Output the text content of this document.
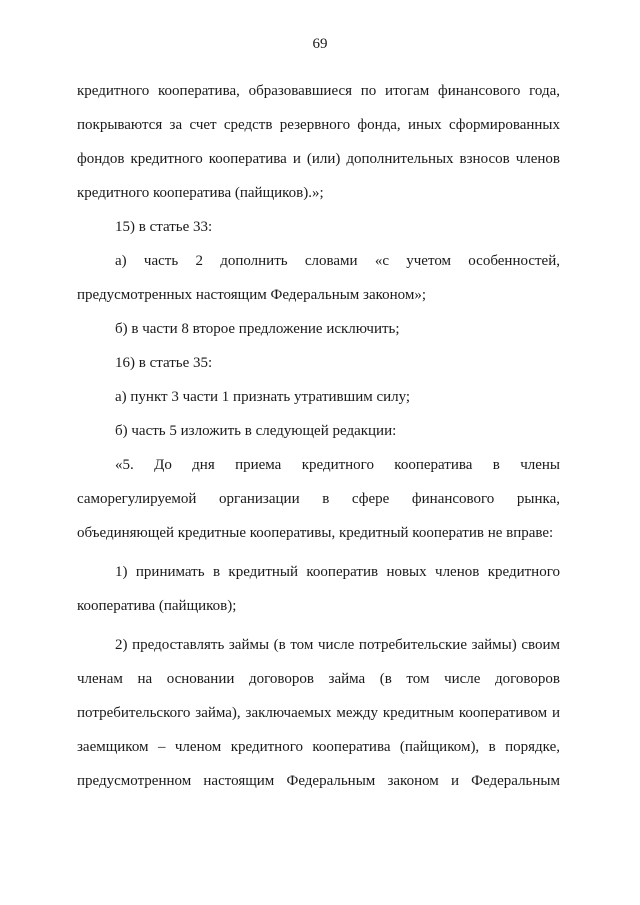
69
кредитного кооператива, образовавшиеся по итогам финансового года,
покрываются за счет средств резервного фонда, иных сформированных
фондов кредитного кооператива и (или) дополнительных взносов членов
кредитного кооператива (пайщиков).»;
15) в статье 33:
а) часть 2 дополнить словами «с учетом особенностей,
предусмотренных настоящим Федеральным законом»;
б) в части 8 второе предложение исключить;
16) в статье 35:
а) пункт 3 части 1 признать утратившим силу;
б) часть 5 изложить в следующей редакции:
«5. До дня приема кредитного кооператива в члены
саморегулируемой организации в сфере финансового рынка,
объединяющей кредитные кооперативы, кредитный кооператив не вправе:
1) принимать в кредитный кооператив новых членов кредитного
кооператива (пайщиков);
2) предоставлять займы (в том числе потребительские займы) своим
членам на основании договоров займа (в том числе договоров
потребительского займа), заключаемых между кредитным кооперативом и
заемщиком – членом кредитного кооператива (пайщиком), в порядке,
предусмотренном настоящим Федеральным законом и Федеральным
